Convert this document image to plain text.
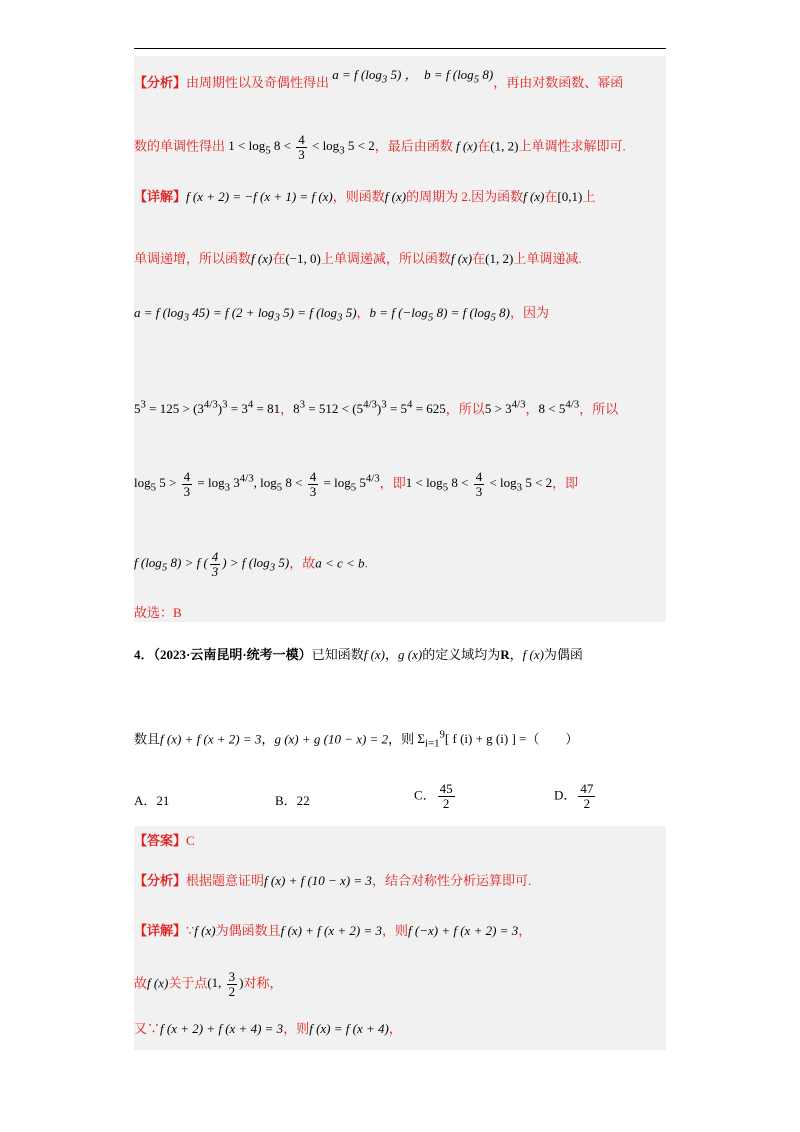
【分析】由周期性以及奇偶性得出 a = f ($\log_3$ 5) ，  b = f ($\log_5$ 8)，再由对数函数、幂函
数的单调性得出 $1 < \log_5 8 < \frac{4}{3} < \log_3 5 < 2$，最后由函数 f (x)在(1, 2)上单调性求解即可.
【详解】f (x + 2) = −f (x + 1) = f (x)，则函数f (x)的周期为 2.因为函数f (x)在[0,1)上
单调递增，所以函数f (x)在(−1, 0)上单调递减，所以函数f (x)在(1, 2)上单调递减.
a = f ($\log_3$ 45) = f $(2 + \log_3 5) = f$ ($\log_3$ 5)，b = f ($-\log_5$ 8) = f ($\log_5$ 8)，因为
$5^3 = 125 > (3^{4/3})^3 = 3^4 = 81$，$8^3 = 512 < (5^{4/3})^3 = 5^4 = 625$，所以$5 > 3^{4/3}$，$8 < 5^{4/3}$，所以
$\log_5 5 > \frac{4}{3} = \log_3 3^{4/3}$, $\log_5 8 < \frac{4}{3} = \log_5 5^{4/3}$，即$1 < \log_5 8 < \frac{4}{3} < \log_3 5 < 2$，即
f ($\log_5$ 8) > f ( $\frac{4}{3}$ ) > f ($\log_3$ 5)，故a < c < b.
故选：B
4．（2023·云南昆明·统考一模）已知函数f (x)，g (x)的定义域均为R，f (x)为偶函
数且f (x) + f (x + 2) = 3，g (x) + g (10 − x) = 2，则 $\Sigma_{i=1}^9$[ f (i) + g (i) ] =（　　）
A．21	B．22	C． $\frac{45}{2}$	D． $\frac{47}{2}$
【答案】C
【分析】根据题意证明f (x) + f (10 − x) = 3，结合对称性分析运算即可.
【详解】∵f (x)为偶函数且f (x) + f (x + 2) = 3，则f (−x) + f (x + 2) = 3，
故f (x)关于点(1, $\frac{3}{2}$ )对称，
又∵f (x + 2) + f (x + 4) = 3，则f (x) = f (x + 4)，
